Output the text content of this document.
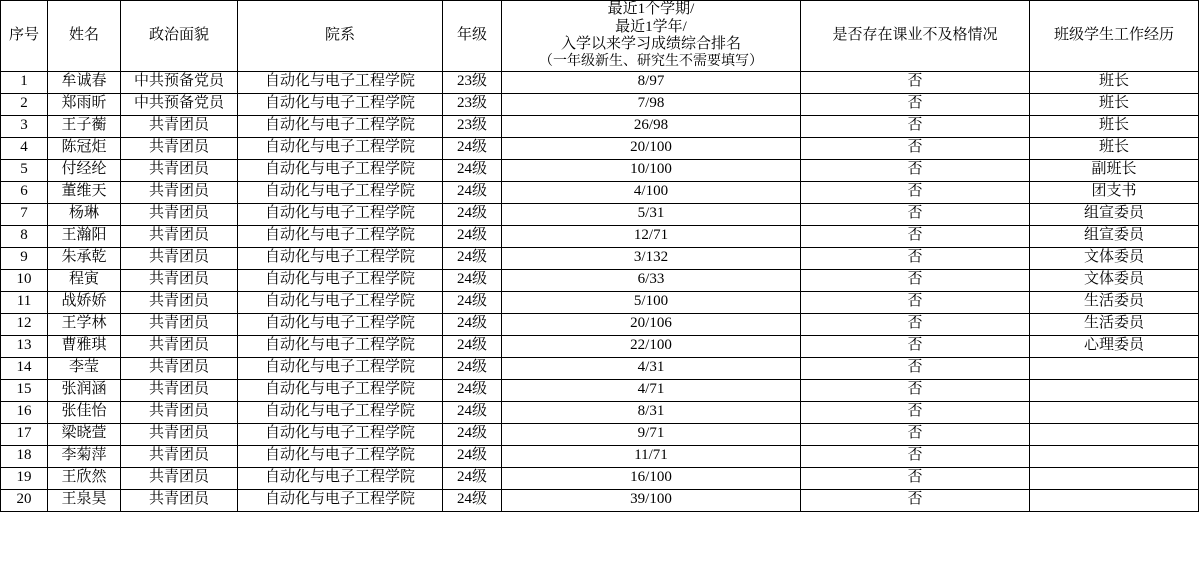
序号	姓名	政治面貌	院系	年级	最近1个学期/
最近1学年/
入学以来学习成绩综合排名
（一年级新生、研究生不需要填写）	是否存在课业不及格情况	班级学生工作经历
1	牟诚春	中共预备党员	自动化与电子工程学院	23级	8/97	否	班长
2	郑雨昕	中共预备党员	自动化与电子工程学院	23级	7/98	否	班长
3	王子蘅	共青团员	自动化与电子工程学院	23级	26/98	否	班长
4	陈冠炬	共青团员	自动化与电子工程学院	24级	20/100	否	班长
5	付经纶	共青团员	自动化与电子工程学院	24级	10/100	否	副班长
6	董维天	共青团员	自动化与电子工程学院	24级	4/100	否	团支书
7	杨琳	共青团员	自动化与电子工程学院	24级	5/31	否	组宣委员
8	王瀚阳	共青团员	自动化与电子工程学院	24级	12/71	否	组宣委员
9	朱承乾	共青团员	自动化与电子工程学院	24级	3/132	否	文体委员
10	程寅	共青团员	自动化与电子工程学院	24级	6/33	否	文体委员
11	战娇娇	共青团员	自动化与电子工程学院	24级	5/100	否	生活委员
12	王学林	共青团员	自动化与电子工程学院	24级	20/106	否	生活委员
13	曹雅琪	共青团员	自动化与电子工程学院	24级	22/100	否	心理委员
14	李莹	共青团员	自动化与电子工程学院	24级	4/31	否	
15	张润涵	共青团员	自动化与电子工程学院	24级	4/71	否	
16	张佳怡	共青团员	自动化与电子工程学院	24级	8/31	否	
17	梁晓萱	共青团员	自动化与电子工程学院	24级	9/71	否	
18	李菊萍	共青团员	自动化与电子工程学院	24级	11/71	否	
19	王欣然	共青团员	自动化与电子工程学院	24级	16/100	否	
20	王泉昊	共青团员	自动化与电子工程学院	24级	39/100	否	
